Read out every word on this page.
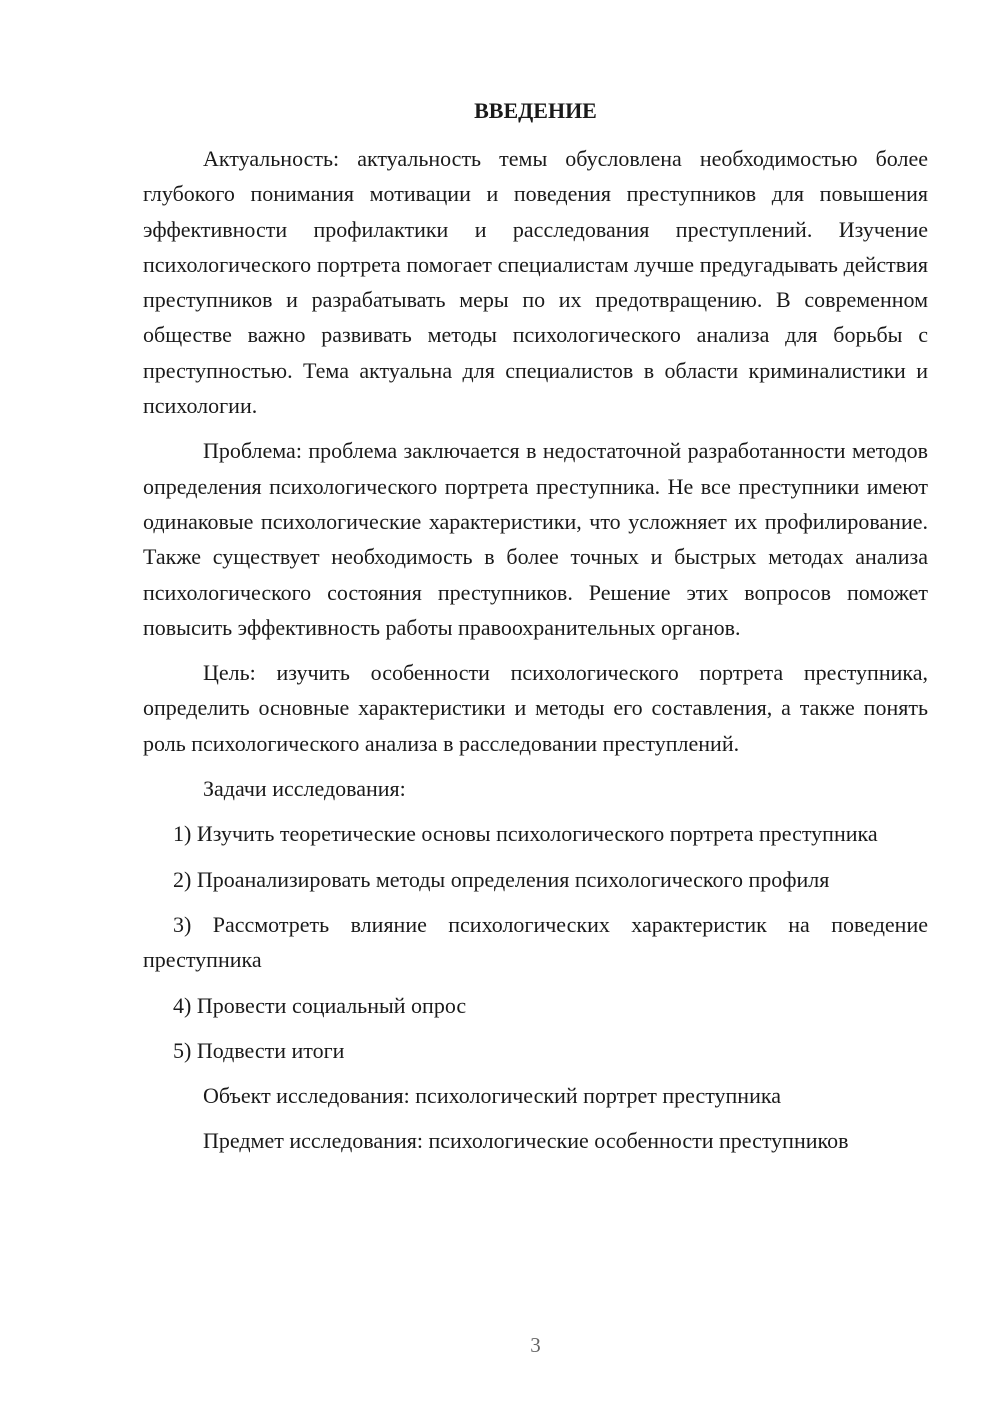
ВВЕДЕНИЕ

Актуальность: актуальность темы обусловлена необходимостью более глубокого понимания мотивации и поведения преступников для повышения эффективности профилактики и расследования преступлений. Изучение психологического портрета помогает специалистам лучше предугадывать действия преступников и разрабатывать меры по их предотвращению. В современном обществе важно развивать методы психологического анализа для борьбы с преступностью. Тема актуальна для специалистов в области криминалистики и психологии.

Проблема: проблема заключается в недостаточной разработанности методов определения психологического портрета преступника. Не все преступники имеют одинаковые психологические характеристики, что усложняет их профилирование. Также существует необходимость в более точных и быстрых методах анализа психологического состояния преступников. Решение этих вопросов поможет повысить эффективность работы правоохранительных органов.

Цель: изучить особенности психологического портрета преступника, определить основные характеристики и методы его составления, а также понять роль психологического анализа в расследовании преступлений.

Задачи исследования:

1) Изучить теоретические основы психологического портрета преступника

2) Проанализировать методы определения психологического профиля

3) Рассмотреть влияние психологических характеристик на поведение преступника

4) Провести социальный опрос

5) Подвести итоги

Объект исследования: психологический портрет преступника

Предмет исследования: психологические особенности преступников

3
